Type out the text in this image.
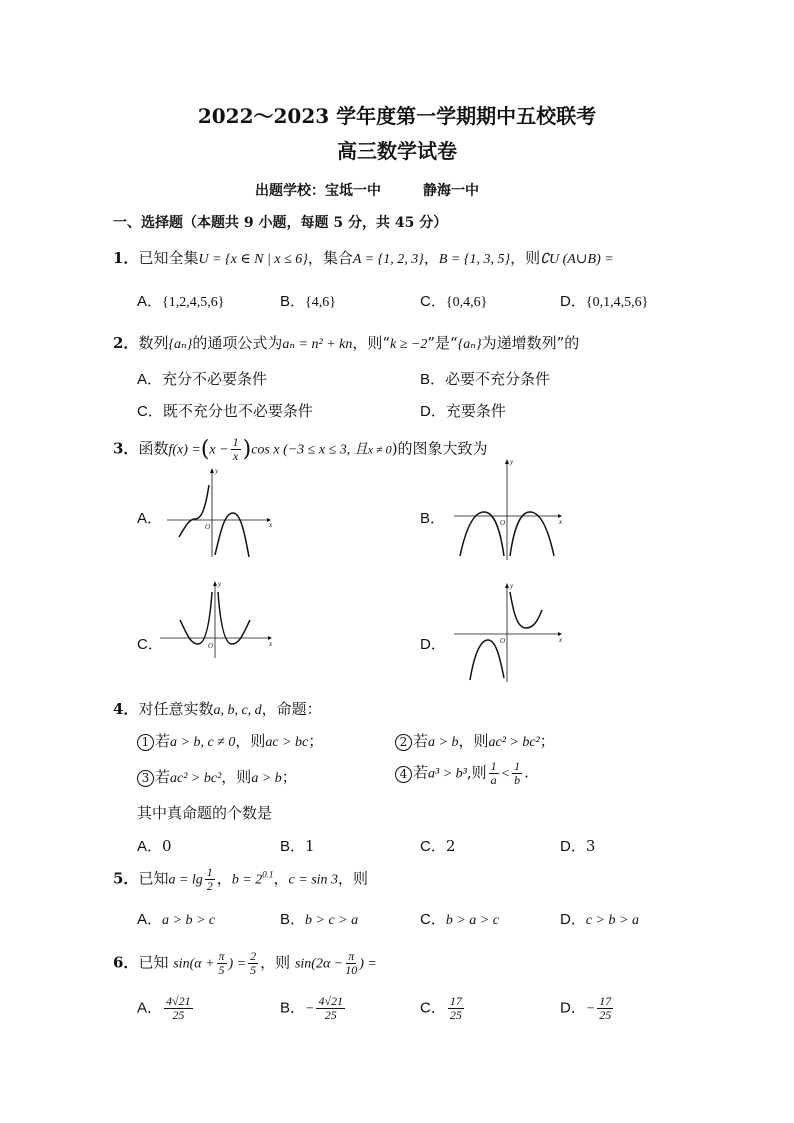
2022～2023 学年度第一学期期中五校联考
高三数学试卷
出题学校：宝坻一中　　　静海一中
一、选择题（本题共 9 小题，每题 5 分，共 45 分）
1．已知全集U = {x ∈ N | x ≤ 6}，集合A = {1, 2, 3}，B = {1, 3, 5}，则∁U (A∪B) =
A．{1,2,4,5,6}	B．{4,6}	C．{0,4,6}	D．{0,1,4,5,6}
2．数列{aₙ}的通项公式为aₙ = n² + kn，则“k ≥ −2”是“{aₙ}为递增数列”的
A．充分不必要条件	B．必要不充分条件
C．既不充分也不必要条件	D．充要条件
3．函数$f(x) =(x - \frac{1}{x} )\cos$ x (−3 ≤ x ≤ 3, 且x ≠ 0)的图象大致为
A．	B．
C．	D．
x
y
O
x
y
O
x
y
O
x
y
O
4．对任意实数a, b, c, d，命题：
1 若a > b, c ≠ 0，则ac > bc；	2 若a > b，则ac² > bc²；
3 若ac² > bc²，则a > b；	4 若a³ > b³,则 $\frac{1}{a} < \frac{1}{b}$ .
其中真命题的个数是
A．0	B．1	C．2	D．3
5．已知$a = \lg \frac{1}{2}$ ，$b = 2^{0.1}$，c = sin 3，则
A．a > b > c	B．b > c > a	C．b > a > c	D．c > b > a
6．已知 $\sin(\alpha + \frac{\pi}{5}$ ) = $\frac{2}{5}$ ，则 $\sin(2\alpha - \frac{\pi}{10}$ ) =
A． $\frac{4√21}{25}$	B．− $\frac{4√21}{25}$	C． $\frac{17}{25}$	D．− $\frac{17}{25}$
